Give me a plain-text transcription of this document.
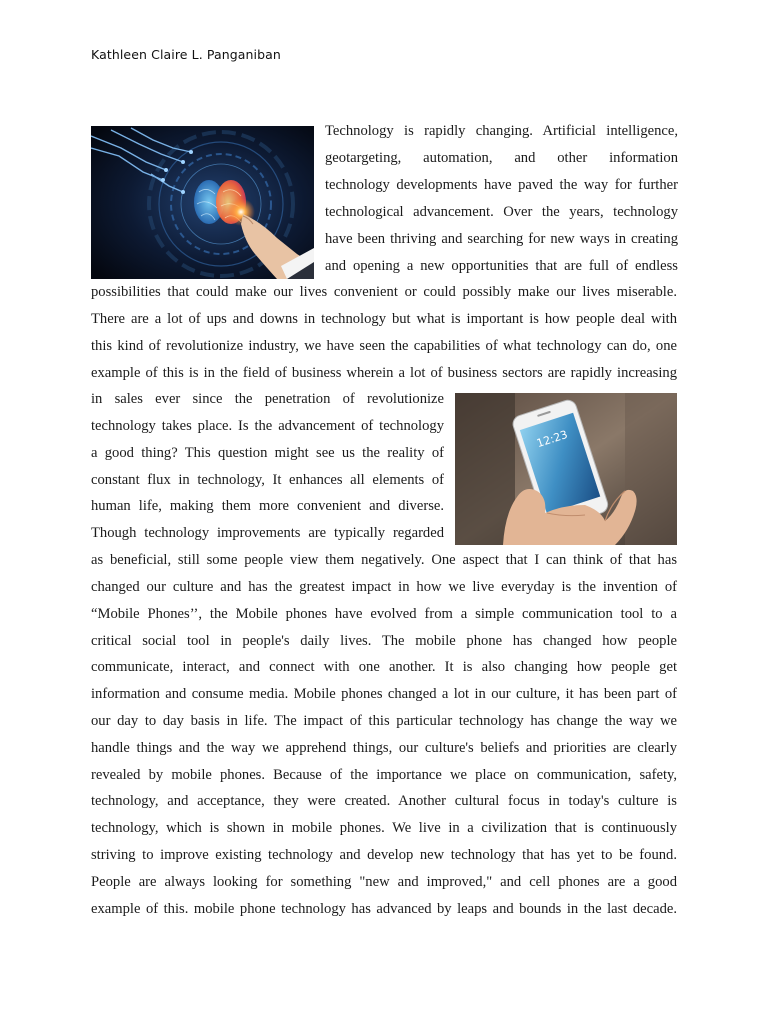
Kathleen Claire L. Panganiban
12:23
Technology is rapidly changing. Artificial intelligence,
geotargeting, automation, and other information
technology developments have paved the way for further
technological advancement. Over the years, technology
have been thriving and searching for new ways in creating
and opening a new opportunities that are full of endless
possibilities that could make our lives convenient or could possibly make our lives miserable.
There are a lot of ups and downs in technology but what is important is how people deal with
this kind of revolutionize industry, we have seen the capabilities of what technology can do, one
example of this is in the field of business wherein a lot of business sectors are rapidly increasing
in sales ever since the penetration of revolutionize
technology takes place. Is the advancement of technology
a good thing? This question might see us the reality of
constant flux in technology, It enhances all elements of
human life, making them more convenient and diverse.
Though technology improvements are typically regarded
as beneficial, still some people view them negatively. One aspect that I can think of that has
changed our culture and has the greatest impact in how we live everyday is the invention of
“Mobile Phones’’, the Mobile phones have evolved from a simple communication tool to a
critical social tool in people's daily lives. The mobile phone has changed how people
communicate, interact, and connect with one another. It is also changing how people get
information and consume media. Mobile phones changed a lot in our culture, it has been part of
our day to day basis in life. The impact of this particular technology has change the way we
handle things and the way we apprehend things, our culture's beliefs and priorities are clearly
revealed by mobile phones. Because of the importance we place on communication, safety,
technology, and acceptance, they were created. Another cultural focus in today's culture is
technology, which is shown in mobile phones. We live in a civilization that is continuously
striving to improve existing technology and develop new technology that has yet to be found.
People are always looking for something "new and improved," and cell phones are a good
example of this. mobile phone technology has advanced by leaps and bounds in the last decade.
